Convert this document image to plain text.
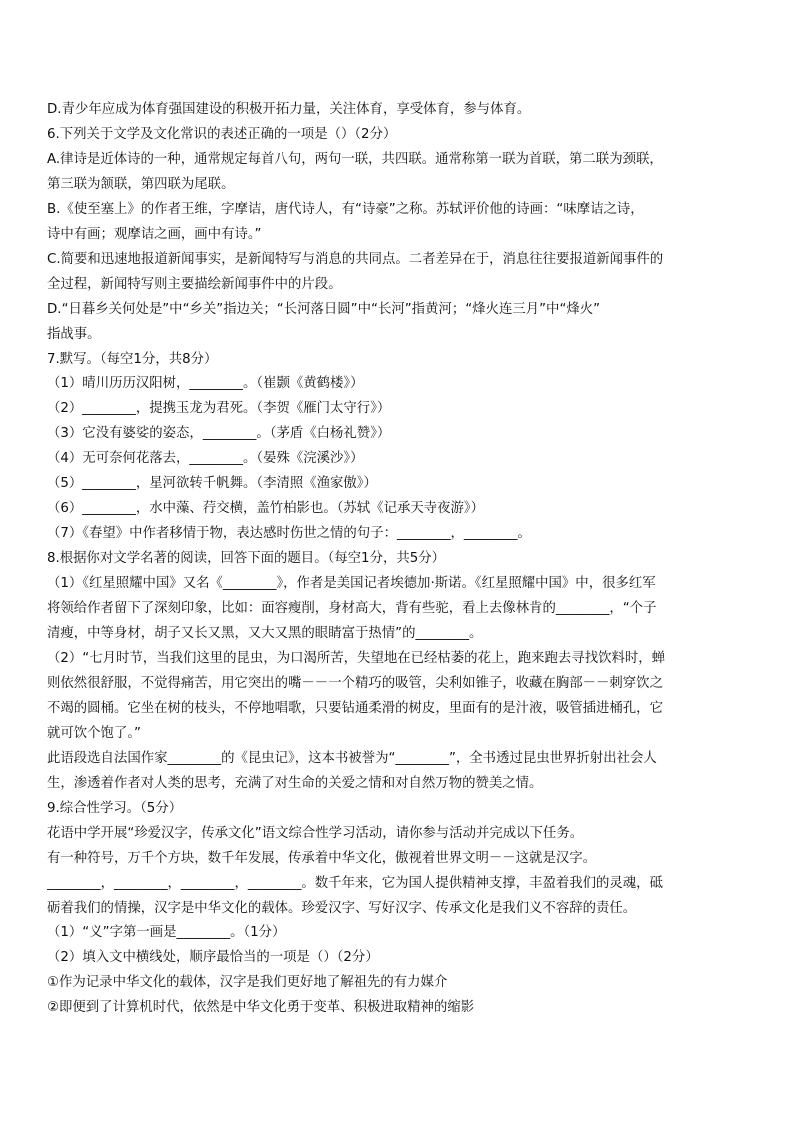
D.青少年应成为体育强国建设的积极开拓力量，关注体育，享受体育，参与体育。
6.下列关于文学及文化常识的表述正确的一项是（）（2分）
A.律诗是近体诗的一种，通常规定每首八句，两句一联，共四联。通常称第一联为首联，第二联为颈联，
第三联为颔联，第四联为尾联。
B.《使至塞上》的作者王维，字摩诘，唐代诗人，有“诗豪”之称。苏轼评价他的诗画：“味摩诘之诗，
诗中有画；观摩诘之画，画中有诗。”
C.简要和迅速地报道新闻事实，是新闻特写与消息的共同点。二者差异在于，消息往往要报道新闻事件的
全过程，新闻特写则主要描绘新闻事件中的片段。
D.“日暮乡关何处是”中“乡关”指边关；“长河落日圆”中“长河”指黄河；“烽火连三月”中“烽火”
指战事。
7.默写。（每空1分，共8分）
（1）晴川历历汉阳树，________。（崔颢《黄鹤楼》）
（2）________，提携玉龙为君死。（李贺《雁门太守行》）
（3）它没有婆娑的姿态，________。（茅盾《白杨礼赞》）
（4）无可奈何花落去，________。（晏殊《浣溪沙》）
（5）________，星河欲转千帆舞。（李清照《渔家傲》）
（6）________，水中藻、荇交横，盖竹柏影也。（苏轼《记承天寺夜游》）
（7）《春望》中作者移情于物，表达感时伤世之情的句子：________，________。
8.根据你对文学名著的阅读，回答下面的题目。（每空1分，共5分）
（1）《红星照耀中国》又名《________》，作者是美国记者埃德加·斯诺。《红星照耀中国》中，很多红军
将领给作者留下了深刻印象，比如：面容瘦削，身材高大，背有些驼，看上去像林肯的________，“个子
清瘦，中等身材，胡子又长又黑，又大又黑的眼睛富于热情”的________。
（2）“七月时节，当我们这里的昆虫，为口渴所苦，失望地在已经枯萎的花上，跑来跑去寻找饮料时，蝉
则依然很舒服，不觉得痛苦，用它突出的嘴－－一个精巧的吸管，尖利如锥子，收藏在胸部－－刺穿饮之
不竭的圆桶。它坐在树的枝头，不停地唱歌，只要钻通柔滑的树皮，里面有的是汁液，吸管插进桶孔，它
就可饮个饱了。”
此语段选自法国作家________的《昆虫记》，这本书被誉为“________”，全书透过昆虫世界折射出社会人
生，渗透着作者对人类的思考，充满了对生命的关爱之情和对自然万物的赞美之情。
9.综合性学习。（5分）
花语中学开展“珍爱汉字，传承文化”语文综合性学习活动，请你参与活动并完成以下任务。
有一种符号，万千个方块，数千年发展，传承着中华文化，傲视着世界文明－－这就是汉字。
________，________，________，________。数千年来，它为国人提供精神支撑，丰盈着我们的灵魂，砥
砺着我们的情操，汉字是中华文化的载体。珍爱汉字、写好汉字、传承文化是我们义不容辞的责任。
（1）“义”字第一画是________。（1分）
（2）填入文中横线处，顺序最恰当的一项是（）（2分）
①作为记录中华文化的载体，汉字是我们更好地了解祖先的有力媒介
②即便到了计算机时代，依然是中华文化勇于变革、积极进取精神的缩影
